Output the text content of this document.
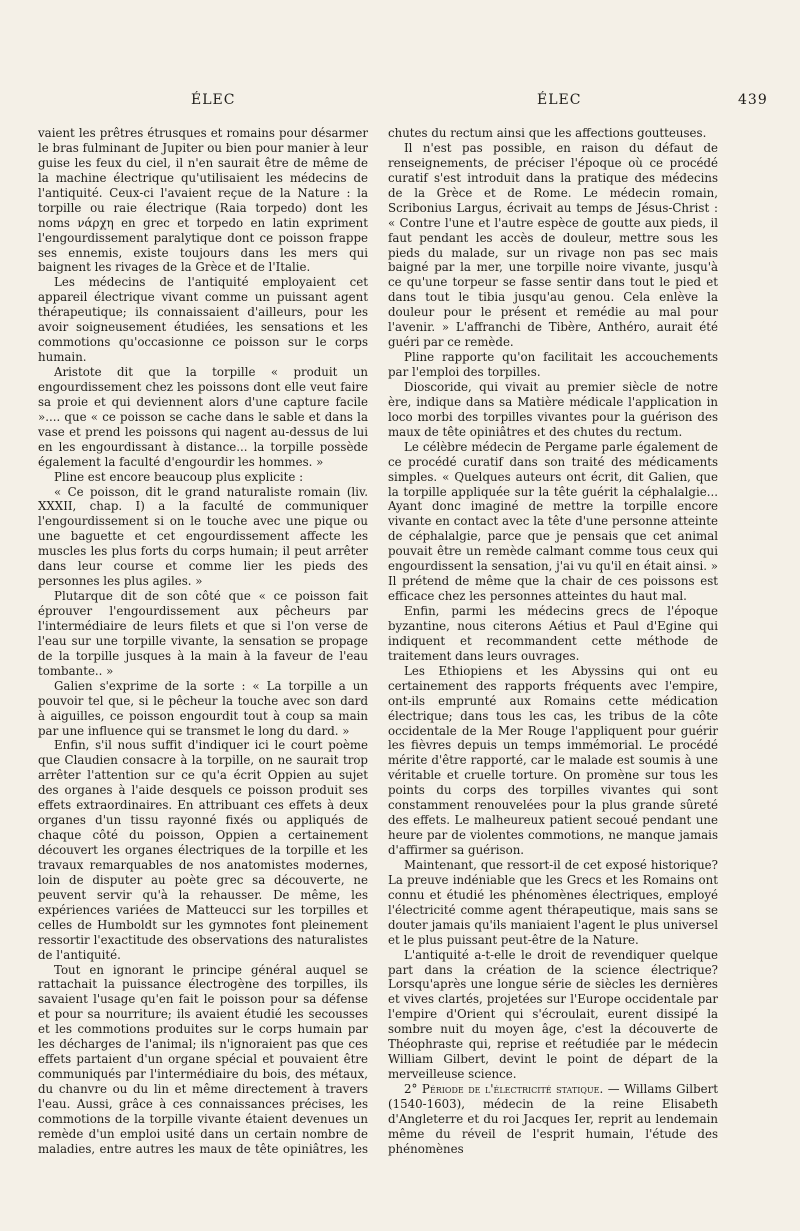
ÉLEC	ÉLEC	439

vaient les prêtres étrusques et romains pour désarmer le bras fulminant de Jupiter ou bien pour manier à leur guise les feux du ciel, il n'en saurait être de même de la machine électrique qu'utilisaient les médecins de l'antiquité. Ceux-ci l'avaient reçue de la Nature : la torpille ou raie électrique (Raia torpedo) dont les noms νάρχη en grec et torpedo en latin expriment l'engourdissement paralytique dont ce poisson frappe ses ennemis, existe toujours dans les mers qui baignent les rivages de la Grèce et de l'Italie.

Les médecins de l'antiquité employaient cet appareil électrique vivant comme un puissant agent thérapeutique; ils connaissaient d'ailleurs, pour les avoir soigneusement étudiées, les sensations et les commotions qu'occasionne ce poisson sur le corps humain.

Aristote dit que la torpille « produit un engourdissement chez les poissons dont elle veut faire sa proie et qui deviennent alors d'une capture facile ».... que « ce poisson se cache dans le sable et dans la vase et prend les poissons qui nagent au-dessus de lui en les engourdissant à distance... la torpille possède également la faculté d'engourdir les hommes. »

Pline est encore beaucoup plus explicite :

« Ce poisson, dit le grand naturaliste romain (liv. XXXII, chap. I) a la faculté de communiquer l'engourdissement si on le touche avec une pique ou une baguette et cet engourdissement affecte les muscles les plus forts du corps humain; il peut arrêter dans leur course et comme lier les pieds des personnes les plus agiles. »

Plutarque dit de son côté que « ce poisson fait éprouver l'engourdissement aux pêcheurs par l'intermédiaire de leurs filets et que si l'on verse de l'eau sur une torpille vivante, la sensation se propage de la torpille jusques à la main à la faveur de l'eau tombante.. »

Galien s'exprime de la sorte : « La torpille a un pouvoir tel que, si le pêcheur la touche avec son dard à aiguilles, ce poisson engourdit tout à coup sa main par une influence qui se transmet le long du dard. »

Enfin, s'il nous suffit d'indiquer ici le court poème que Claudien consacre à la torpille, on ne saurait trop arrêter l'attention sur ce qu'a écrit Oppien au sujet des organes à l'aide desquels ce poisson produit ses effets extraordinaires. En attribuant ces effets à deux organes d'un tissu rayonné fixés ou appliqués de chaque côté du poisson, Oppien a certainement découvert les organes électriques de la torpille et les travaux remarquables de nos anatomistes modernes, loin de disputer au poète grec sa découverte, ne peuvent servir qu'à la rehausser. De même, les expériences variées de Matteucci sur les torpilles et celles de Humboldt sur les gymnotes font pleinement ressortir l'exactitude des observations des naturalistes de l'antiquité.

Tout en ignorant le principe général auquel se rattachait la puissance électrogène des torpilles, ils savaient l'usage qu'en fait le poisson pour sa défense et pour sa nourriture; ils avaient étudié les secousses et les commotions produites sur le corps humain par les décharges de l'animal; ils n'ignoraient pas que ces effets partaient d'un organe spécial et pouvaient être communiqués par l'intermédiaire du bois, des métaux, du chanvre ou du lin et même directement à travers l'eau. Aussi, grâce à ces connaissances précises, les commotions de la torpille vivante étaient devenues un remède d'un emploi usité dans un certain nombre de maladies, entre autres les maux de tête opiniâtres, les

chutes du rectum ainsi que les affections goutteuses.

Il n'est pas possible, en raison du défaut de renseignements, de préciser l'époque où ce procédé curatif s'est introduit dans la pratique des médecins de la Grèce et de Rome. Le médecin romain, Scribonius Largus, écrivait au temps de Jésus-Christ : « Contre l'une et l'autre espèce de goutte aux pieds, il faut pendant les accès de douleur, mettre sous les pieds du malade, sur un rivage non pas sec mais baigné par la mer, une torpille noire vivante, jusqu'à ce qu'une torpeur se fasse sentir dans tout le pied et dans tout le tibia jusqu'au genou. Cela enlève la douleur pour le présent et remédie au mal pour l'avenir. » L'affranchi de Tibère, Anthéro, aurait été guéri par ce remède.

Pline rapporte qu'on facilitait les accouchements par l'emploi des torpilles.

Dioscoride, qui vivait au premier siècle de notre ère, indique dans sa Matière médicale l'application in loco morbi des torpilles vivantes pour la guérison des maux de tête opiniâtres et des chutes du rectum.

Le célèbre médecin de Pergame parle également de ce procédé curatif dans son traité des médicaments simples. « Quelques auteurs ont écrit, dit Galien, que la torpille appliquée sur la tête guérit la céphalalgie... Ayant donc imaginé de mettre la torpille encore vivante en contact avec la tête d'une personne atteinte de céphalalgie, parce que je pensais que cet animal pouvait être un remède calmant comme tous ceux qui engourdissent la sensation, j'ai vu qu'il en était ainsi. » Il prétend de même que la chair de ces poissons est efficace chez les personnes atteintes du haut mal.

Enfin, parmi les médecins grecs de l'époque byzantine, nous citerons Aétius et Paul d'Egine qui indiquent et recommandent cette méthode de traitement dans leurs ouvrages.

Les Ethiopiens et les Abyssins qui ont eu certainement des rapports fréquents avec l'empire, ont-ils emprunté aux Romains cette médication électrique; dans tous les cas, les tribus de la côte occidentale de la Mer Rouge l'appliquent pour guérir les fièvres depuis un temps immémorial. Le procédé mérite d'être rapporté, car le malade est soumis à une véritable et cruelle torture. On promène sur tous les points du corps des torpilles vivantes qui sont constamment renouvelées pour la plus grande sûreté des effets. Le malheureux patient secoué pendant une heure par de violentes commotions, ne manque jamais d'affirmer sa guérison.

Maintenant, que ressort-il de cet exposé historique? La preuve indéniable que les Grecs et les Romains ont connu et étudié les phénomènes électriques, employé l'électricité comme agent thérapeutique, mais sans se douter jamais qu'ils maniaient l'agent le plus universel et le plus puissant peut-être de la Nature.

L'antiquité a-t-elle le droit de revendiquer quelque part dans la création de la science électrique? Lorsqu'après une longue série de siècles les dernières et vives clartés, projetées sur l'Europe occidentale par l'empire d'Orient qui s'écroulait, eurent dissipé la sombre nuit du moyen âge, c'est la découverte de Théophraste qui, reprise et reétudiée par le médecin William Gilbert, devint le point de départ de la merveilleuse science.

2° Période de l'électricité statique. — Willams Gilbert (1540-1603), médecin de la reine Elisabeth d'Angleterre et du roi Jacques Ier, reprit au lendemain même du réveil de l'esprit humain, l'étude des phénomènes
